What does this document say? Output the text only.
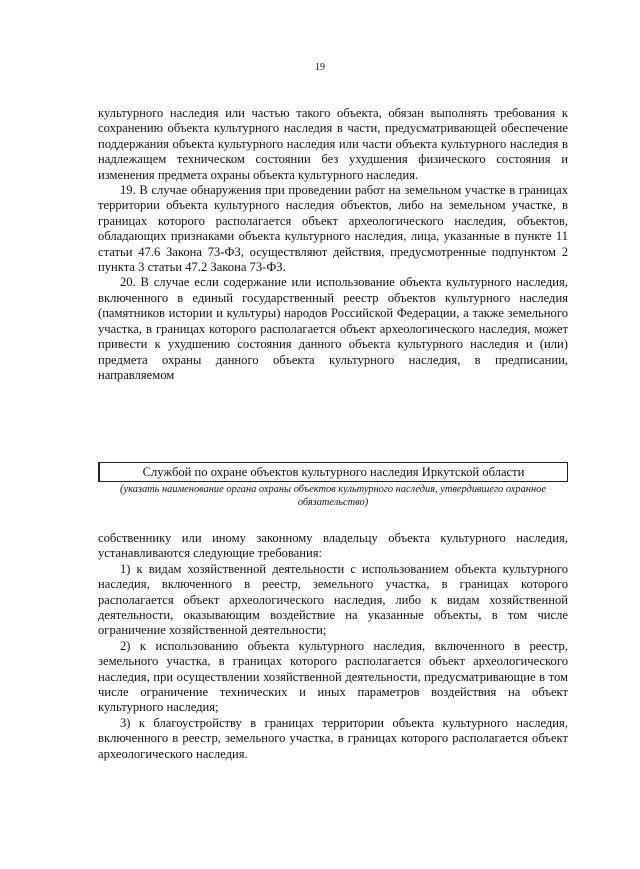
19

культурного наследия или частью такого объекта, обязан выполнять требования к сохранению объекта культурного наследия в части, предусматривающей обеспечение поддержания объекта культурного наследия или части объекта культурного наследия в надлежащем техническом состоянии без ухудшения физического состояния и изменения предмета охраны объекта культурного наследия.

19. В случае обнаружения при проведении работ на земельном участке в границах территории объекта культурного наследия объектов, либо на земельном участке, в границах которого располагается объект археологического наследия, объектов, обладающих признаками объекта культурного наследия, лица, указанные в пункте 11 статьи 47.6 Закона 73-ФЗ, осуществляют действия, предусмотренные подпунктом 2 пункта 3 статьи 47.2 Закона 73-ФЗ.

20. В случае если содержание или использование объекта культурного наследия, включенного в единый государственный реестр объектов культурного наследия (памятников истории и культуры) народов Российской Федерации, а также земельного участка, в границах которого располагается объект археологического наследия, может привести к ухудшению состояния данного объекта культурного наследия и (или) предмета охраны данного объекта культурного наследия, в предписании, направляемом

Службой по охране объектов культурного наследия Иркутской области
(указать наименование органа охраны объектов культурного наследия, утвердившего охранное обязательство)

собственнику или иному законному владельцу объекта культурного наследия, устанавливаются следующие требования:

1) к видам хозяйственной деятельности с использованием объекта культурного наследия, включенного в реестр, земельного участка, в границах которого располагается объект археологического наследия, либо к видам хозяйственной деятельности, оказывающим воздействие на указанные объекты, в том числе ограничение хозяйственной деятельности;

2) к использованию объекта культурного наследия, включенного в реестр, земельного участка, в границах которого располагается объект археологического наследия, при осуществлении хозяйственной деятельности, предусматривающие в том числе ограничение технических и иных параметров воздействия на объект культурного наследия;

3) к благоустройству в границах территории объекта культурного наследия, включенного в реестр, земельного участка, в границах которого располагается объект археологического наследия.
